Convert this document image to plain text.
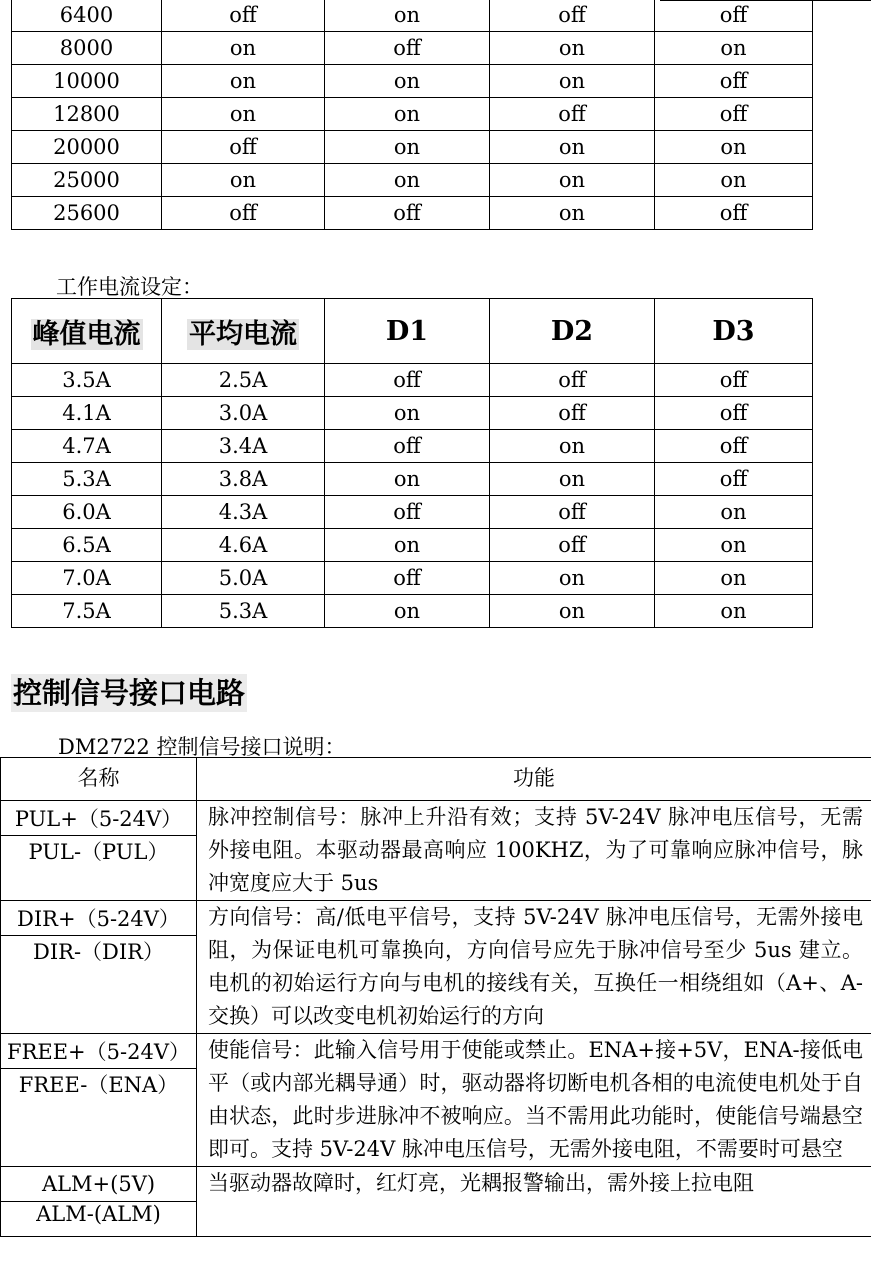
6400	off	on	off	off
8000	on	off	on	on
10000	on	on	on	off
12800	on	on	off	off
20000	off	on	on	on
25000	on	on	on	on
25600	off	off	on	off
工作电流设定：
峰值电流	平均电流	D1	D2	D3
3.5A	2.5A	off	off	off
4.1A	3.0A	on	off	off
4.7A	3.4A	off	on	off
5.3A	3.8A	on	on	off
6.0A	4.3A	off	off	on
6.5A	4.6A	on	off	on
7.0A	5.0A	off	on	on
7.5A	5.3A	on	on	on
控制信号接口电路
DM2722 控制信号接口说明：
名称	功能
PUL+（5-24V）	脉冲控制信号：脉冲上升沿有效；支持 5V-24V 脉冲电压信号，无需外接电阻。本驱动器最高响应 100KHZ，为了可靠响应脉冲信号，脉冲宽度应大于 5us
PUL-（PUL）	

DIR+（5-24V）	方向信号：高/低电平信号，支持 5V-24V 脉冲电压信号，无需外接电阻，为保证电机可靠换向，方向信号应先于脉冲信号至少 5us 建立。电机的初始运行方向与电机的接线有关，互换任一相绕组如（A+、A-交换）可以改变电机初始运行的方向
DIR-（DIR）	

FREE+（5-24V）	使能信号：此输入信号用于使能或禁止。ENA+接+5V，ENA-接低电平（或内部光耦导通）时，驱动器将切断电机各相的电流使电机处于自由状态，此时步进脉冲不被响应。当不需用此功能时，使能信号端悬空即可。支持 5V-24V 脉冲电压信号，无需外接电阻，不需要时可悬空
FREE-（ENA）	

ALM+(5V)	当驱动器故障时，红灯亮，光耦报警输出，需外接上拉电阻
ALM-(ALM)	
